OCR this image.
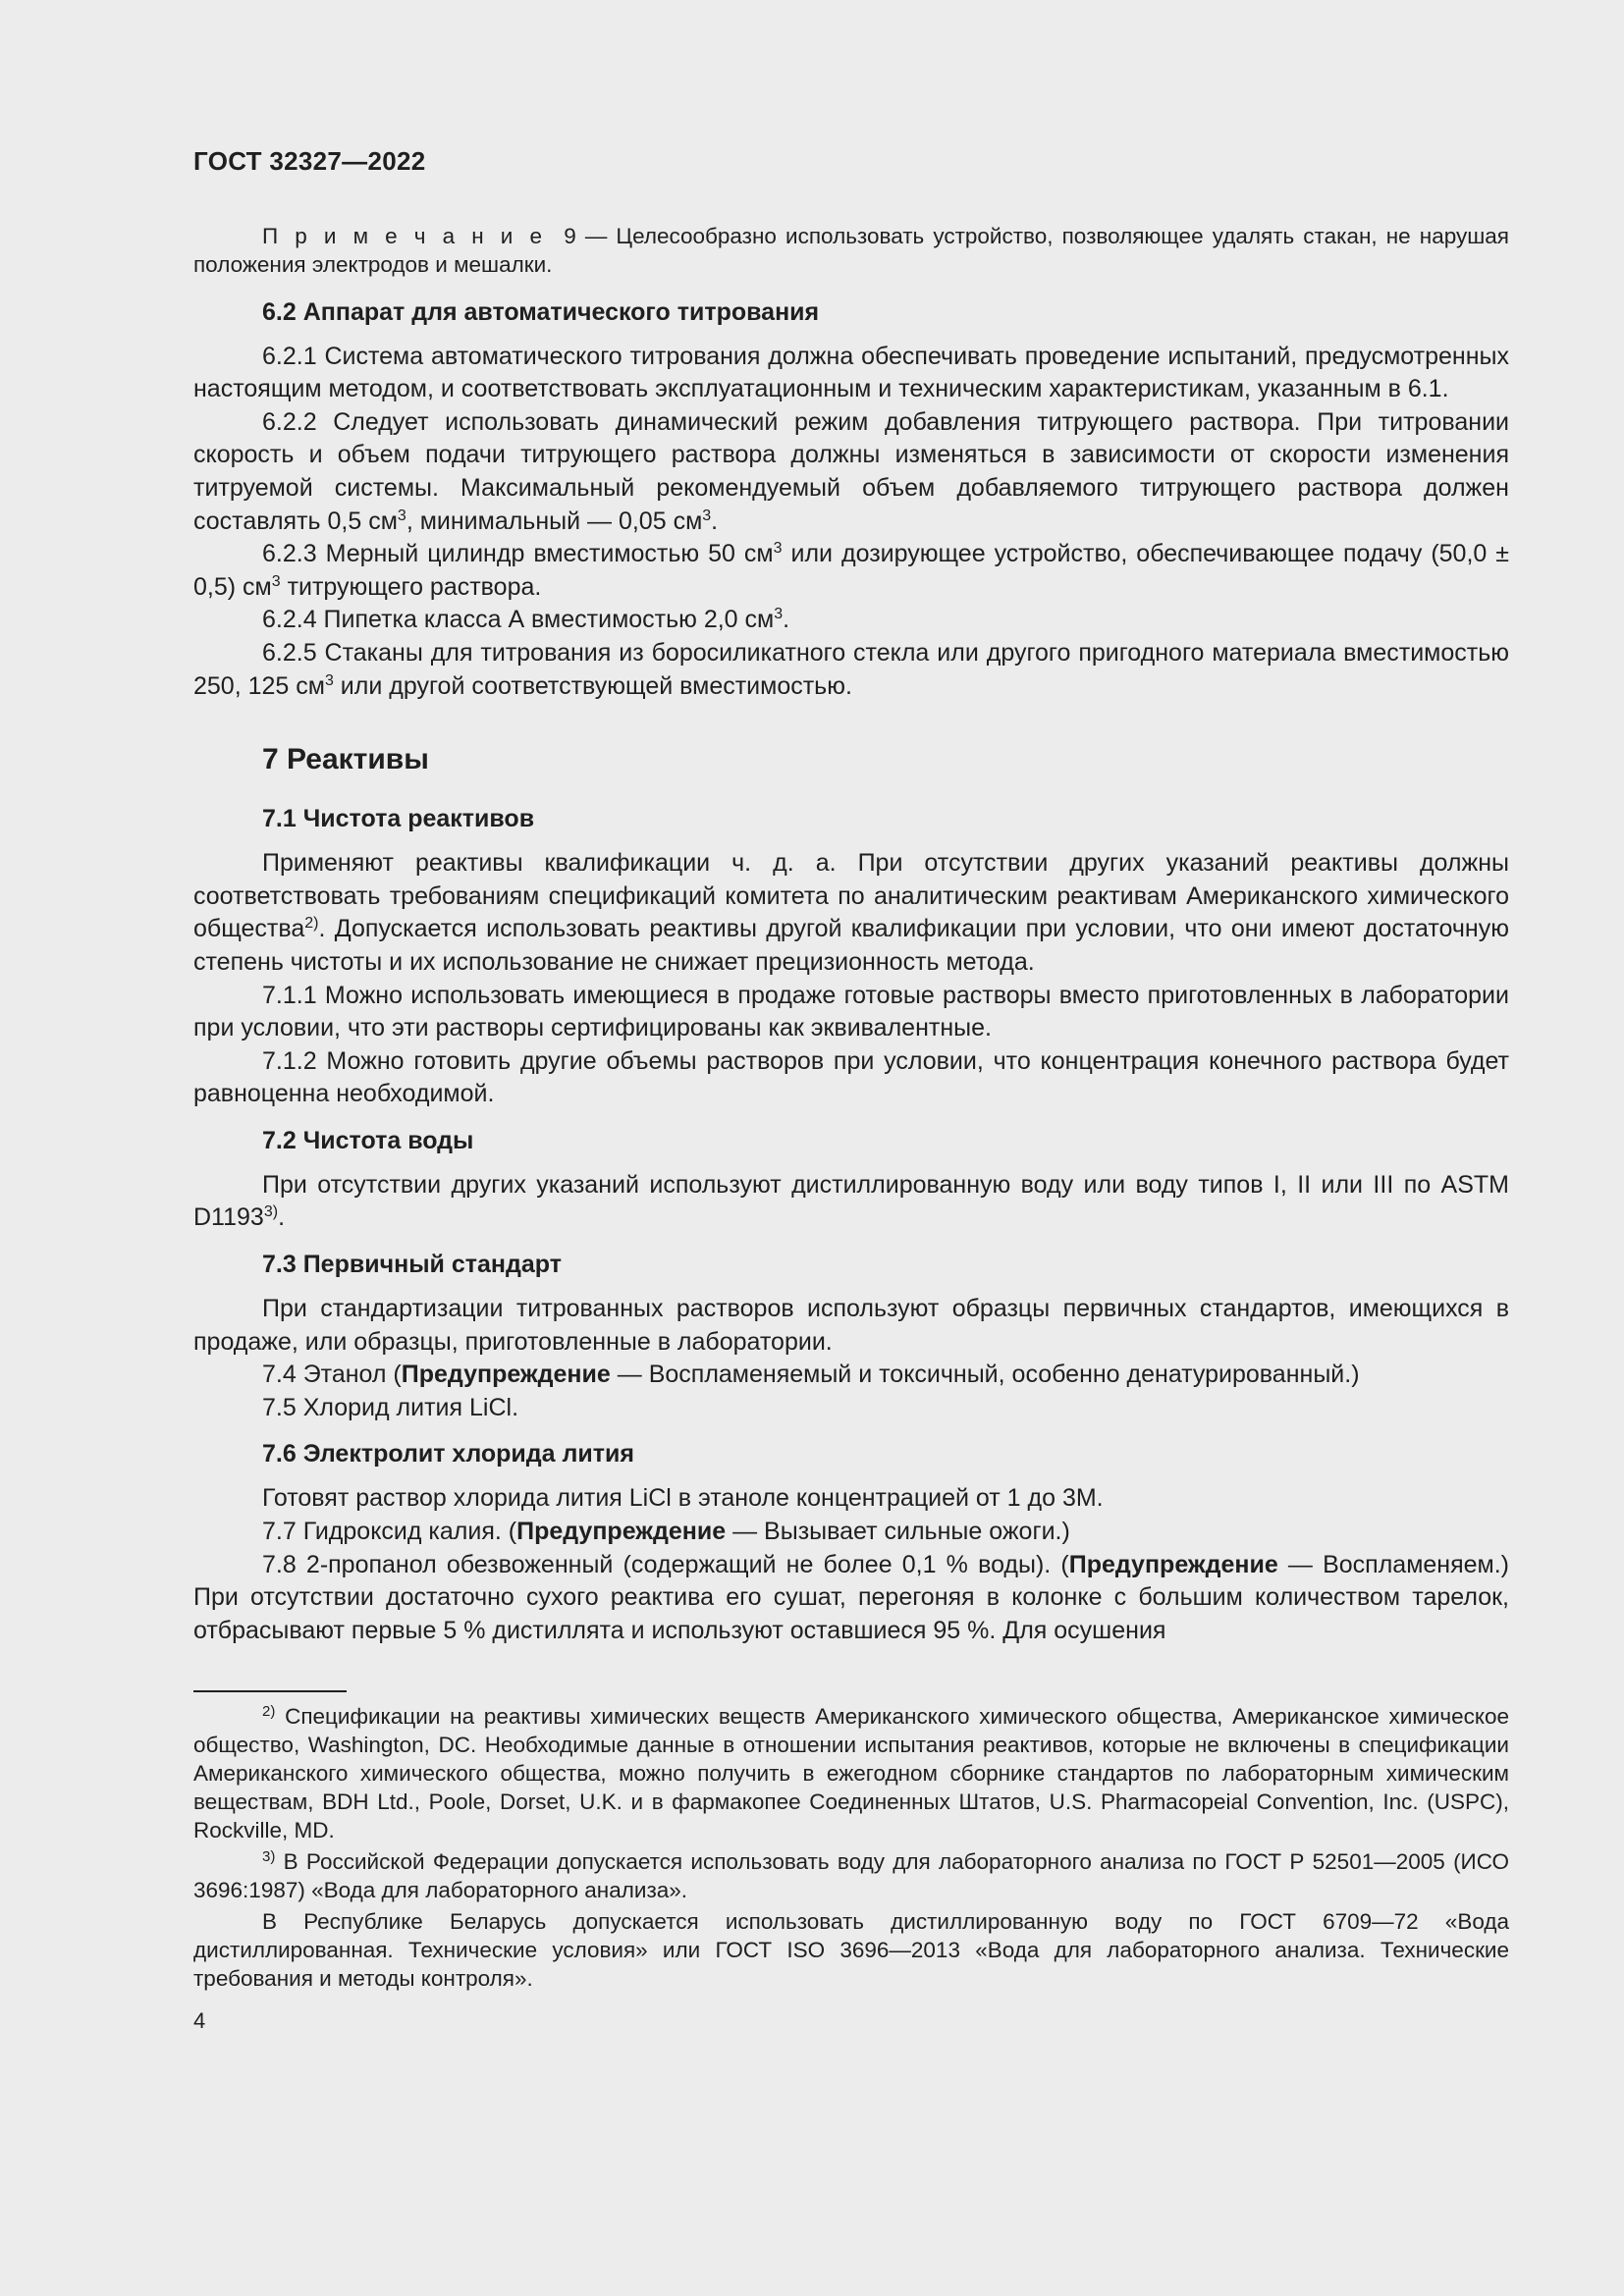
ГОСТ 32327—2022

П р и м е ч а н и е 9 — Целесообразно использовать устройство, позволяющее удалять стакан, не нарушая положения электродов и мешалки.

6.2 Аппарат для автоматического титрования

6.2.1 Система автоматического титрования должна обеспечивать проведение испытаний, предусмотренных настоящим методом, и соответствовать эксплуатационным и техническим характеристикам, указанным в 6.1.

6.2.2 Следует использовать динамический режим добавления титрующего раствора. При титровании скорость и объем подачи титрующего раствора должны изменяться в зависимости от скорости изменения титруемой системы. Максимальный рекомендуемый объем добавляемого титрующего раствора должен составлять 0,5 $см^3$, минимальный — 0,05 $см^3$.

6.2.3 Мерный цилиндр вместимостью 50 $см^3$ или дозирующее устройство, обеспечивающее подачу (50,0 ± 0,5) $см^3$ титрующего раствора.

6.2.4 Пипетка класса А вместимостью 2,0 $см^3$.

6.2.5 Стаканы для титрования из боросиликатного стекла или другого пригодного материала вместимостью 250, 125 $см^3$ или другой соответствующей вместимостью.

7 Реактивы
7.1 Чистота реактивов

Применяют реактивы квалификации ч. д. а. При отсутствии других указаний реактивы должны соответствовать требованиям спецификаций комитета по аналитическим реактивам Американского химического общества$^{2)}$. Допускается использовать реактивы другой квалификации при условии, что они имеют достаточную степень чистоты и их использование не снижает прецизионность метода.

7.1.1 Можно использовать имеющиеся в продаже готовые растворы вместо приготовленных в лаборатории при условии, что эти растворы сертифицированы как эквивалентные.

7.1.2 Можно готовить другие объемы растворов при условии, что концентрация конечного раствора будет равноценна необходимой.

7.2 Чистота воды

При отсутствии других указаний используют дистиллированную воду или воду типов I, II или III по ASTM D1193$^{3)}$.

7.3 Первичный стандарт

При стандартизации титрованных растворов используют образцы первичных стандартов, имеющихся в продаже, или образцы, приготовленные в лаборатории.

7.4 Этанол (Предупреждение — Воспламеняемый и токсичный, особенно денатурированный.)

7.5 Хлорид лития LiCl.

7.6 Электролит хлорида лития

Готовят раствор хлорида лития LiCl в этаноле концентрацией от 1 до 3М.

7.7 Гидроксид калия. (Предупреждение — Вызывает сильные ожоги.)

7.8 2-пропанол обезвоженный (содержащий не более 0,1 % воды). (Предупреждение — Воспламеняем.) При отсутствии достаточно сухого реактива его сушат, перегоняя в колонке с большим количеством тарелок, отбрасывают первые 5 % дистиллята и используют оставшиеся 95 %. Для осушения

$^{2)}$ Спецификации на реактивы химических веществ Американского химического общества, Американское химическое общество, Washington, DC. Необходимые данные в отношении испытания реактивов, которые не включены в спецификации Американского химического общества, можно получить в ежегодном сборнике стандартов по лабораторным химическим веществам, BDH Ltd., Poole, Dorset, U.K. и в фармакопее Соединенных Штатов, U.S. Pharmacopeial Convention, Inc. (USPC), Rockville, MD.

$^{3)}$ В Российской Федерации допускается использовать воду для лабораторного анализа по ГОСТ Р 52501—2005 (ИСО 3696:1987) «Вода для лабораторного анализа».

В Республике Беларусь допускается использовать дистиллированную воду по ГОСТ 6709—72 «Вода дистиллированная. Технические условия» или ГОСТ ISO 3696—2013 «Вода для лабораторного анализа. Технические требования и методы контроля».

4
